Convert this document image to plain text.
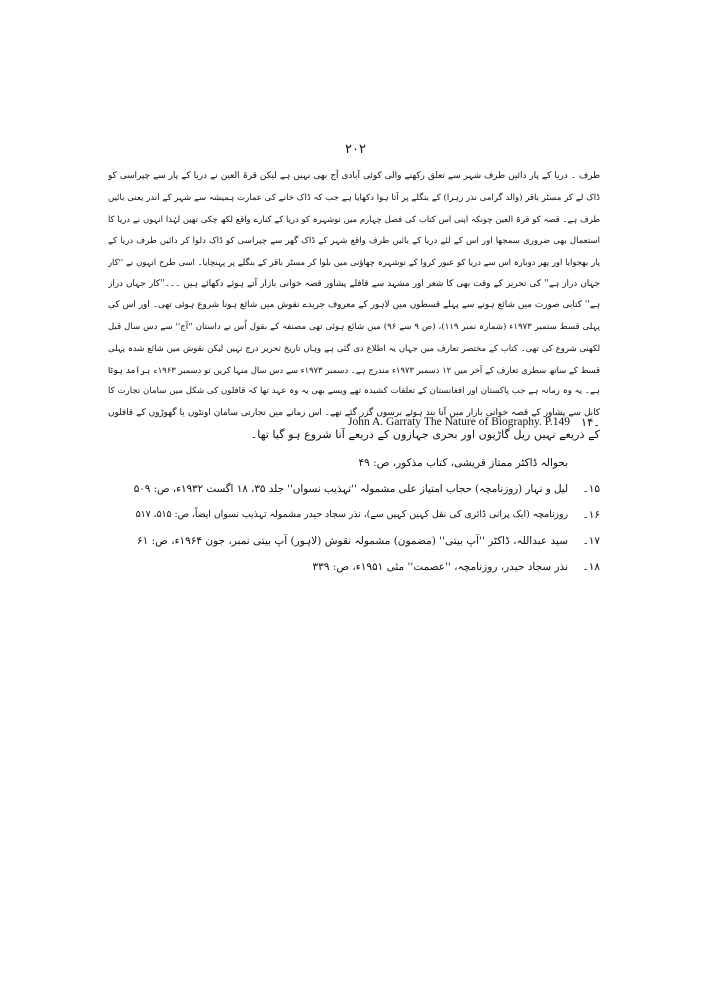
۲۰۲
طرف ۔ دریا کے پار دائیں طرف شہر سے تعلق رکھنے والی کوئی آبادی آج بھی نہیں ہے لیکن قرۃ العین نے دریا کے پار سے چپراسی کو
ڈاک لے کر مسٹر باقر (والد گرامی نذر زہرا) کے بنگلے پر آتا ہوا دکھایا ہے جب کہ ڈاک خانے کی عمارت ہمیشہ سے شہر کے اندر یعنی بائیں
طرف ہے۔ قصہ کو قرۃ العین چونکہ اپنی اس کتاب کی فصل چہارم میں نوشہرہ کو دریا کے کنارے واقع لکھ چکی تھیں لہٰذا انہوں نے دریا کا
استعمال بھی ضروری سمجھا اور اس کے لئے دریا کے بائیں طرف واقع شہر کے ڈاک گھر سے چپراسی کو ڈاک دلوا کر دائیں طرف دریا کے
پار بھجوایا اور پھر دوبارہ اس سے دریا کو عبور کروا کے نوشہرہ چھاؤنی میں بلوا کر مسٹر باقر کے بنگلے پر پہنچایا۔ اسی طرح انہوں نے ''کار
جہاں دراز ہے'' کی تحریر کے وقت بھی کا شغر اور مشہد سے قافلے پشاور قصہ خوانی بازار آتے ہوئے دکھائے ہیں ۔۔۔''کار جہاں دراز
ہے'' کتابی صورت میں شائع ہونے سے پہلے قسطوں میں لاہور کے معروف جریدے نقوش میں شائع ہونا شروع ہوئی تھی۔ اور اس کی
پہلی قسط ستمبر ۱۹۷۳ء (شمارہ نمبر ۱۱۹)، (ص ۹ سے ۹۶) میں شائع ہوئی تھی مصنفہ کے بقول اُس نے داستان ''آج'' سے دس سال قبل
لکھنی شروع کی تھی۔ کتاب کے مختصر تعارف میں جہاں یہ اطلاع دی گئی ہے وہاں تاریخ تحریر درج نہیں لیکن نقوش میں شائع شدہ پہلی
قسط کے ساتھ سطری تعارف کے آخر میں ۱۲ دسمبر ۱۹۷۳ء مندرج ہے۔ دسمبر ۱۹۷۳ء سے دس سال منہا کریں تو دسمبر ۱۹۶۳ء برآمد ہوتا
ہے۔ یہ وہ زمانہ ہے جب پاکستان اور افغانستان کے تعلقات کشیدہ تھے ویسے بھی یہ وہ عہد تھا کہ قافلوں کی شکل میں سامان تجارت کا
کابل سے پشاور کے قصہ خوانی بازار میں آنا بند ہوئے برسوں گزر گئے تھے۔ اس زمانے میں تجارتی سامان اونٹوں یا گھوڑوں کے قافلوں
کے ذریعے نہیں ریل گاڑیوں اور بحری جہازوں کے ذریعے آنا شروع ہو گیا تھا۔
۱۴۔
John A. Garraty The Nature of Biography. P.149
بحوالہ ڈاکٹر ممتاز قریشی، کتاب مذکور، ص: ۴۹
۱۵۔
لیل و نہار (روزنامچہ) حجاب امتیاز علی مشمولہ ''تہذیب نسواں'' جلد ۳۵، ۱۸ اگست ۱۹۳۲ء، ص: ۵۰۹
۱۶۔
روزنامچہ (ایک پرانی ڈائری کی نقل کہیں کہیں سے)، نذر سجاد حیدر مشمولہ تہذیب نسواں ایضاً، ص: ۵۱۵، ۵۱۷
۱۷۔
سید عبداللہ، ڈاکٹر ''آپ بیتی'' (مضمون) مشمولہ نقوش (لاہور) آپ بیتی نمبر، جون ۱۹۶۴ء، ص: ۶۱
۱۸۔
نذر سجاد حیدر، روزنامچہ، ''عصمت'' مئی ۱۹۵۱ء، ص: ۳۳۹
